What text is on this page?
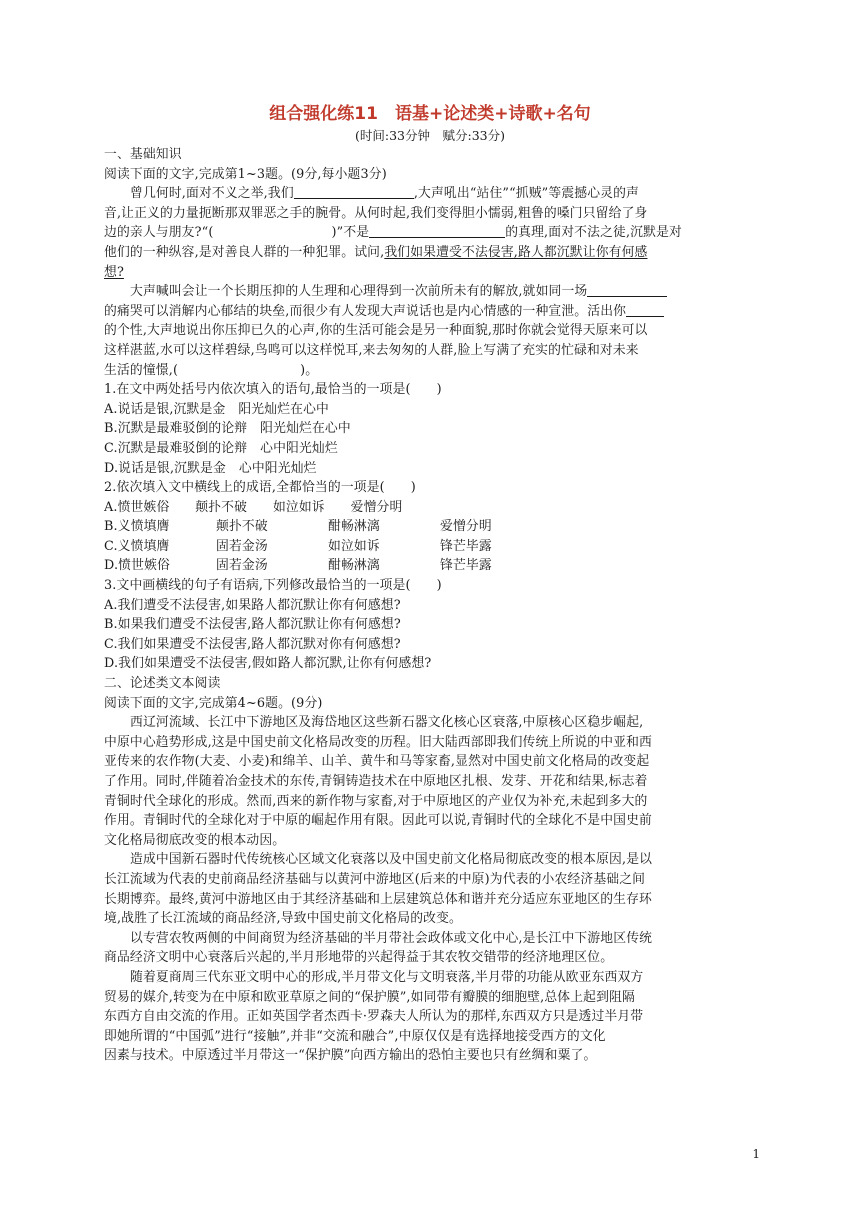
组合强化练11　语基+论述类+诗歌+名句
(时间:33分钟　赋分:33分)
一、基础知识
阅读下面的文字,完成第1~3题。(9分,每小题3分)
曾几何时,面对不义之举,我们	,大声吼出“站住”“抓贼”等震撼心灵的声
音,让正义的力量扼断那双罪恶之手的腕骨。从何时起,我们变得胆小懦弱,粗鲁的嗓门只留给了身
边的亲人与朋友?“(	)”不是	的真理,面对不法之徒,沉默是对
他们的一种纵容,是对善良人群的一种犯罪。试问,我们如果遭受不法侵害,路人都沉默让你有何感
想?
大声喊叫会让一个长期压抑的人生理和心理得到一次前所未有的解放,就如同一场
的痛哭可以消解内心郁结的块垒,而很少有人发现大声说话也是内心情感的一种宣泄。活出你
的个性,大声地说出你压抑已久的心声,你的生活可能会是另一种面貌,那时你就会觉得天原来可以
这样湛蓝,水可以这样碧绿,鸟鸣可以这样悦耳,来去匆匆的人群,脸上写满了充实的忙碌和对未来
生活的憧憬,(	)。
1.在文中两处括号内依次填入的语句,最恰当的一项是(　　)
A.说话是银,沉默是金　阳光灿烂在心中
B.沉默是最难驳倒的论辩　阳光灿烂在心中
C.沉默是最难驳倒的论辩　心中阳光灿烂
D.说话是银,沉默是金　心中阳光灿烂
2.依次填入文中横线上的成语,全都恰当的一项是(　　)
A.愤世嫉俗　　颠扑不破　　如泣如诉　　爱憎分明
B.义愤填膺	颠扑不破	酣畅淋漓	爱憎分明
C.义愤填膺	固若金汤	如泣如诉	锋芒毕露
D.愤世嫉俗	固若金汤	酣畅淋漓	锋芒毕露
3.文中画横线的句子有语病,下列修改最恰当的一项是(　　)
A.我们遭受不法侵害,如果路人都沉默让你有何感想?
B.如果我们遭受不法侵害,路人都沉默让你有何感想?
C.我们如果遭受不法侵害,路人都沉默对你有何感想?
D.我们如果遭受不法侵害,假如路人都沉默,让你有何感想?
二、论述类文本阅读
阅读下面的文字,完成第4~6题。(9分)
西辽河流域、长江中下游地区及海岱地区这些新石器文化核心区衰落,中原核心区稳步崛起,
中原中心趋势形成,这是中国史前文化格局改变的历程。旧大陆西部即我们传统上所说的中亚和西
亚传来的农作物(大麦、小麦)和绵羊、山羊、黄牛和马等家畜,显然对中国史前文化格局的改变起
了作用。同时,伴随着冶金技术的东传,青铜铸造技术在中原地区扎根、发芽、开花和结果,标志着
青铜时代全球化的形成。然而,西来的新作物与家畜,对于中原地区的产业仅为补充,未起到多大的
作用。青铜时代的全球化对于中原的崛起作用有限。因此可以说,青铜时代的全球化不是中国史前
文化格局彻底改变的根本动因。
造成中国新石器时代传统核心区域文化衰落以及中国史前文化格局彻底改变的根本原因,是以
长江流域为代表的史前商品经济基础与以黄河中游地区(后来的中原)为代表的小农经济基础之间
长期博弈。最终,黄河中游地区由于其经济基础和上层建筑总体和谐并充分适应东亚地区的生存环
境,战胜了长江流域的商品经济,导致中国史前文化格局的改变。
以专营农牧两侧的中间商贸为经济基础的半月带社会政体或文化中心,是长江中下游地区传统
商品经济文明中心衰落后兴起的,半月形地带的兴起得益于其农牧交错带的经济地理区位。
随着夏商周三代东亚文明中心的形成,半月带文化与文明衰落,半月带的功能从欧亚东西双方
贸易的媒介,转变为在中原和欧亚草原之间的“保护膜”,如同带有瓣膜的细胞壁,总体上起到阻隔
东西方自由交流的作用。正如英国学者杰西卡·罗森夫人所认为的那样,东西双方只是透过半月带
即她所谓的“中国弧”进行“接触”,并非“交流和融合”,中原仅仅是有选择地接受西方的文化
因素与技术。中原透过半月带这一“保护膜”向西方输出的恐怕主要也只有丝绸和粟了。
1
